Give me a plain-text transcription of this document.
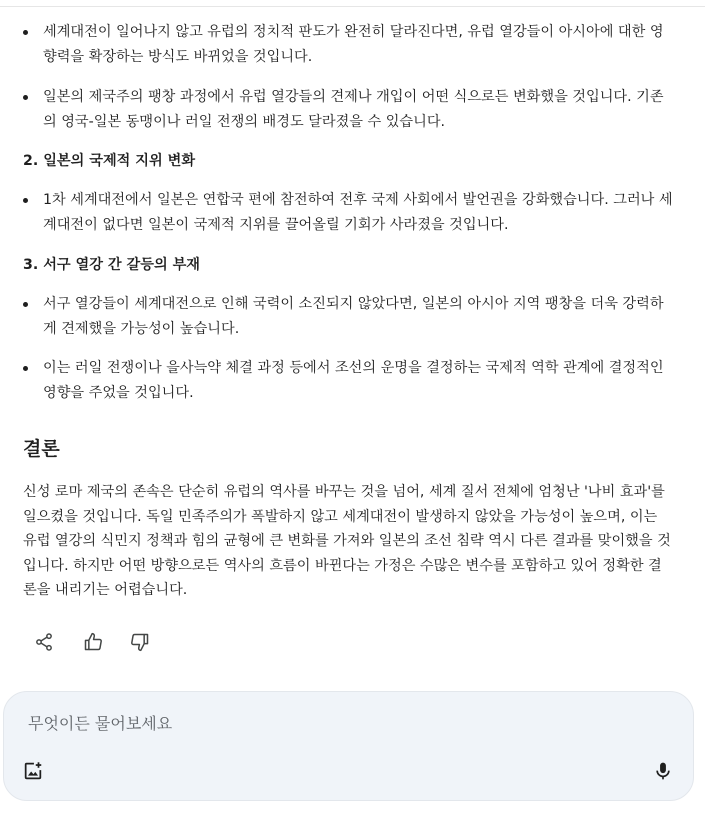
세계대전이 일어나지 않고 유럽의 정치적 판도가 완전히 달라진다면, 유럽 열강들이 아시아에 대한 영향력을 확장하는 방식도 바뀌었을 것입니다.
일본의 제국주의 팽창 과정에서 유럽 열강들의 견제나 개입이 어떤 식으로든 변화했을 것입니다. 기존의 영국-일본 동맹이나 러일 전쟁의 배경도 달라졌을 수 있습니다.
2. 일본의 국제적 지위 변화
1차 세계대전에서 일본은 연합국 편에 참전하여 전후 국제 사회에서 발언권을 강화했습니다. 그러나 세계대전이 없다면 일본이 국제적 지위를 끌어올릴 기회가 사라졌을 것입니다.
3. 서구 열강 간 갈등의 부재
서구 열강들이 세계대전으로 인해 국력이 소진되지 않았다면, 일본의 아시아 지역 팽창을 더욱 강력하게 견제했을 가능성이 높습니다.
이는 러일 전쟁이나 을사늑약 체결 과정 등에서 조선의 운명을 결정하는 국제적 역학 관계에 결정적인 영향을 주었을 것입니다.
결론
신성 로마 제국의 존속은 단순히 유럽의 역사를 바꾸는 것을 넘어, 세계 질서 전체에 엄청난 '나비 효과'를 일으켰을 것입니다. 독일 민족주의가 폭발하지 않고 세계대전이 발생하지 않았을 가능성이 높으며, 이는 유럽 열강의 식민지 정책과 힘의 균형에 큰 변화를 가져와 일본의 조선 침략 역시 다른 결과를 맞이했을 것입니다. 하지만 어떤 방향으로든 역사의 흐름이 바뀐다는 가정은 수많은 변수를 포함하고 있어 정확한 결론을 내리기는 어렵습니다.
무엇이든 물어보세요
